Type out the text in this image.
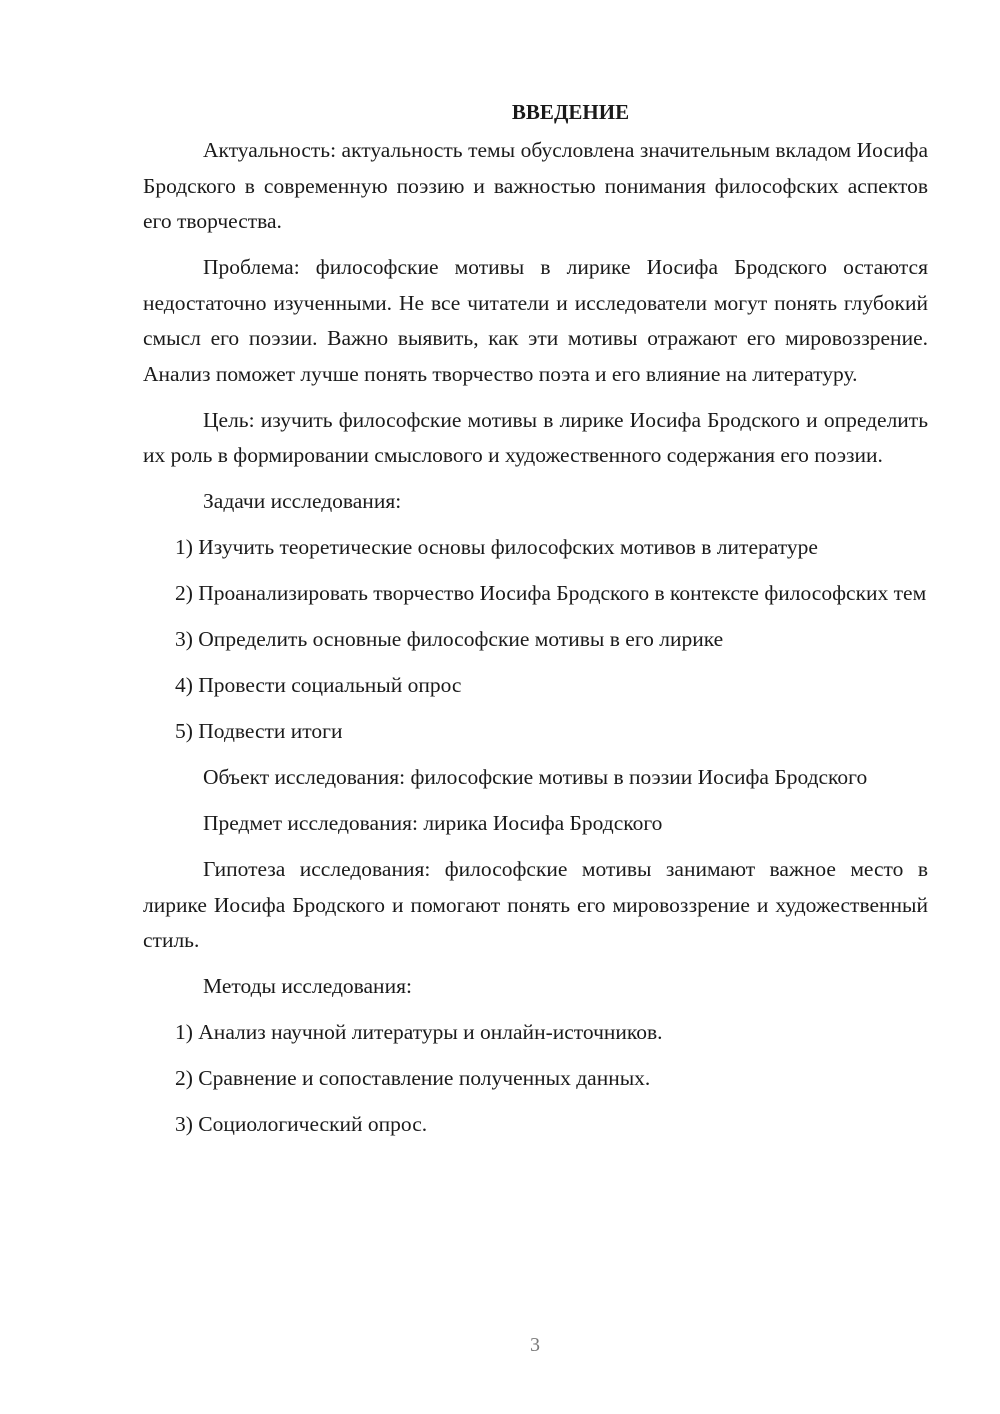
ВВЕДЕНИЕ

Актуальность: актуальность темы обусловлена значительным вкладом Иосифа Бродского в современную поэзию и важностью понимания философских аспектов его творчества.

Проблема: философские мотивы в лирике Иосифа Бродского остаются недостаточно изученными. Не все читатели и исследователи могут понять глубокий смысл его поэзии. Важно выявить, как эти мотивы отражают его мировоззрение. Анализ поможет лучше понять творчество поэта и его влияние на литературу.

Цель: изучить философские мотивы в лирике Иосифа Бродского и определить их роль в формировании смыслового и художественного содержания его поэзии.

Задачи исследования:

1) Изучить теоретические основы философских мотивов в литературе

2) Проанализировать творчество Иосифа Бродского в контексте философских тем

3) Определить основные философские мотивы в его лирике

4) Провести социальный опрос

5) Подвести итоги

Объект исследования: философские мотивы в поэзии Иосифа Бродского

Предмет исследования: лирика Иосифа Бродского

Гипотеза исследования: философские мотивы занимают важное место в лирике Иосифа Бродского и помогают понять его мировоззрение и художественный стиль.

Методы исследования:

1) Анализ научной литературы и онлайн-источников.

2) Сравнение и сопоставление полученных данных.

3) Социологический опрос.

3
